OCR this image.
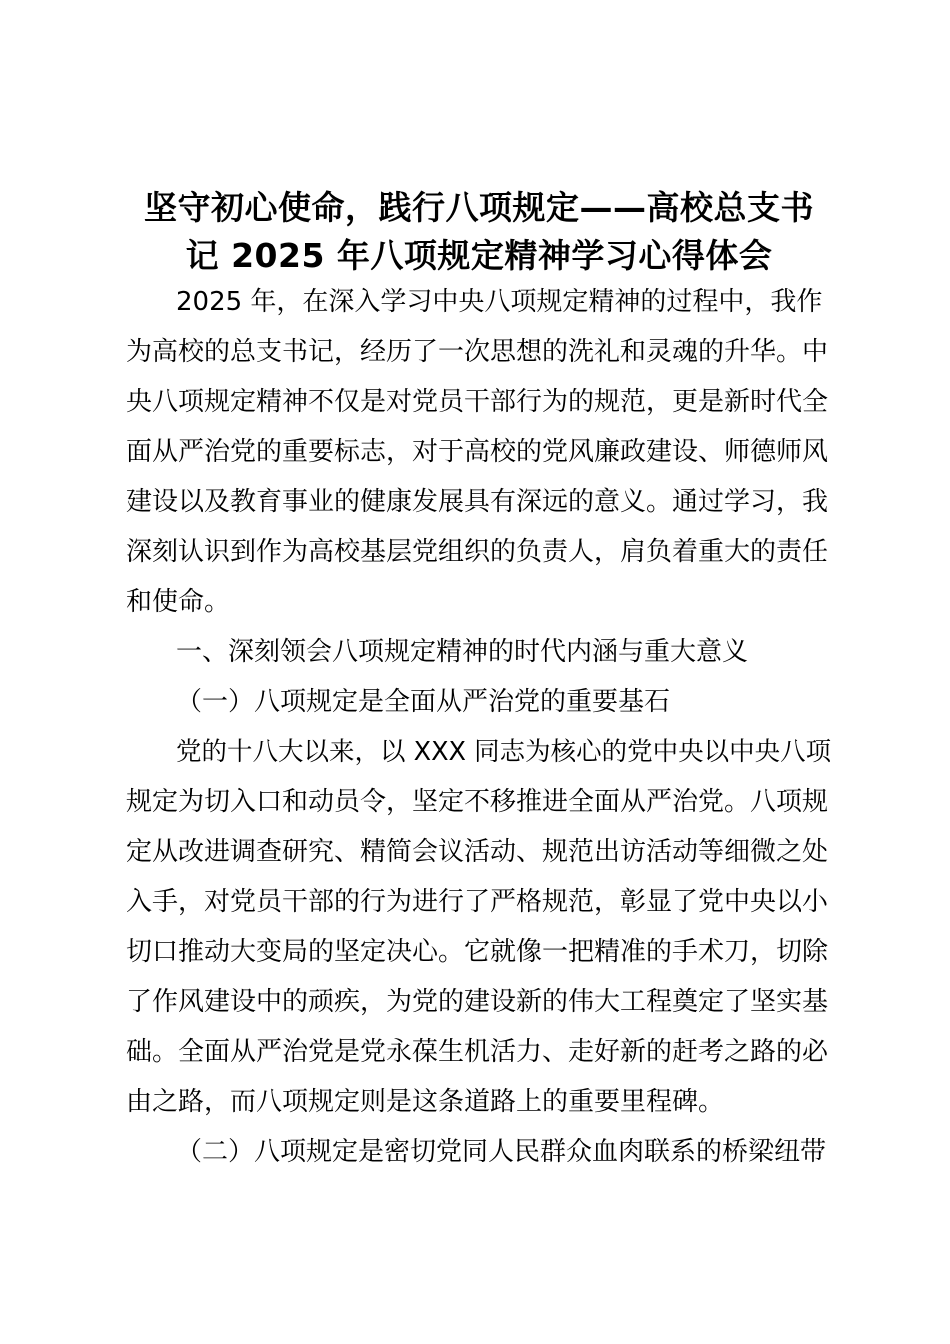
坚守初心使命，践行八项规定——高校总支书
记 2025 年八项规定精神学习心得体会
2025 年，在深入学习中央八项规定精神的过程中，我作
为高校的总支书记，经历了一次思想的洗礼和灵魂的升华。中
央八项规定精神不仅是对党员干部行为的规范，更是新时代全
面从严治党的重要标志，对于高校的党风廉政建设、师德师风
建设以及教育事业的健康发展具有深远的意义。通过学习，我
深刻认识到作为高校基层党组织的负责人，肩负着重大的责任
和使命。
一、深刻领会八项规定精神的时代内涵与重大意义
（一）八项规定是全面从严治党的重要基石
党的十八大以来，以 XXX 同志为核心的党中央以中央八项
规定为切入口和动员令，坚定不移推进全面从严治党。八项规
定从改进调查研究、精简会议活动、规范出访活动等细微之处
入手，对党员干部的行为进行了严格规范，彰显了党中央以小
切口推动大变局的坚定决心。它就像一把精准的手术刀，切除
了作风建设中的顽疾，为党的建设新的伟大工程奠定了坚实基
础。全面从严治党是党永葆生机活力、走好新的赶考之路的必
由之路，而八项规定则是这条道路上的重要里程碑。
（二）八项规定是密切党同人民群众血肉联系的桥梁纽带
